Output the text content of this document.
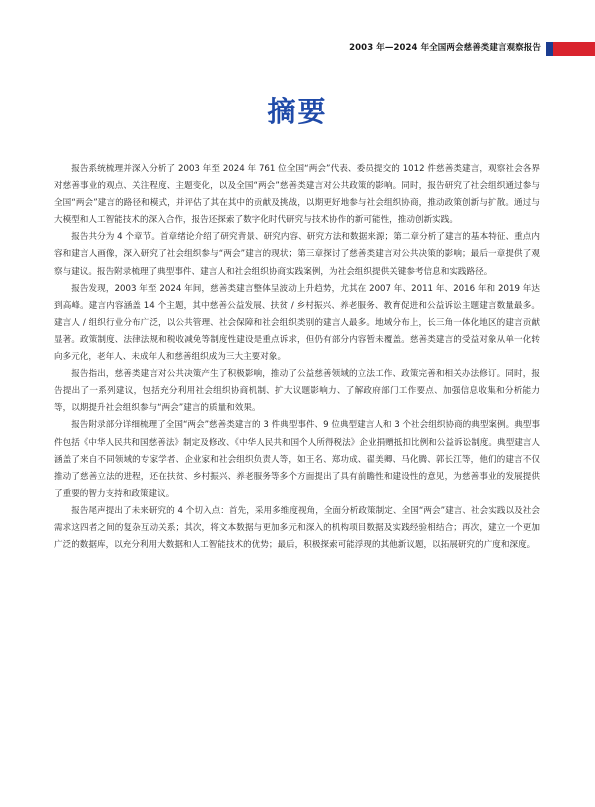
2003 年—2024 年全国两会慈善类建言观察报告
摘要

报告系统梳理并深入分析了 2003 年至 2024 年 761 位全国“两会”代表、委员提交的 1012 件慈善类建言，观察社会各界对慈善事业的观点、关注程度、主题变化，以及全国“两会”慈善类建言对公共政策的影响。同时，报告研究了社会组织通过参与全国“两会”建言的路径和模式，并评估了其在其中的贡献及挑战，以期更好地参与社会组织协商，推动政策创新与扩散。通过与大模型和人工智能技术的深入合作，报告还探索了数字化时代研究与技术协作的新可能性，推动创新实践。

报告共分为 4 个章节。首章绪论介绍了研究背景、研究内容、研究方法和数据来源；第二章分析了建言的基本特征、重点内容和建言人画像，深入研究了社会组织参与“两会”建言的现状；第三章探讨了慈善类建言对公共决策的影响；最后一章提供了观察与建议。报告附录梳理了典型事件、建言人和社会组织协商实践案例，为社会组织提供关键参考信息和实践路径。

报告发现，2003 年至 2024 年间，慈善类建言整体呈波动上升趋势，尤其在 2007 年、2011 年、2016 年和 2019 年达到高峰。建言内容涵盖 14 个主题，其中慈善公益发展、扶贫 / 乡村振兴、养老服务、教育促进和公益诉讼主题建言数量最多。建言人 / 组织行业分布广泛，以公共管理、社会保障和社会组织类别的建言人最多。地域分布上，长三角一体化地区的建言贡献显著。政策制度、法律法规和税收减免等制度性建设是重点诉求，但仍有部分内容暂未覆盖。慈善类建言的受益对象从单一化转向多元化，老年人、未成年人和慈善组织成为三大主要对象。

报告指出，慈善类建言对公共决策产生了积极影响，推动了公益慈善领域的立法工作、政策完善和相关办法修订。同时，报告提出了一系列建议，包括充分利用社会组织协商机制、扩大议题影响力、了解政府部门工作要点、加强信息收集和分析能力等，以期提升社会组织参与“两会”建言的质量和效果。

报告附录部分详细梳理了全国“两会”慈善类建言的 3 件典型事件、9 位典型建言人和 3 个社会组织协商的典型案例。典型事件包括《中华人民共和国慈善法》制定及修改、《中华人民共和国个人所得税法》企业捐赠抵扣比例和公益诉讼制度。典型建言人涵盖了来自不同领域的专家学者、企业家和社会组织负责人等，如王名、郑功成、翟美卿、马化腾、郭长江等，他们的建言不仅推动了慈善立法的进程，还在扶贫、乡村振兴、养老服务等多个方面提出了具有前瞻性和建设性的意见，为慈善事业的发展提供了重要的智力支持和政策建议。

报告尾声提出了未来研究的 4 个切入点：首先，采用多维度视角，全面分析政策制定、全国“两会”建言、社会实践以及社会需求这四者之间的复杂互动关系；其次，将文本数据与更加多元和深入的机构项目数据及实践经验相结合；再次，建立一个更加广泛的数据库，以充分利用大数据和人工智能技术的优势；最后，积极探索可能浮现的其他新议题，以拓展研究的广度和深度。
